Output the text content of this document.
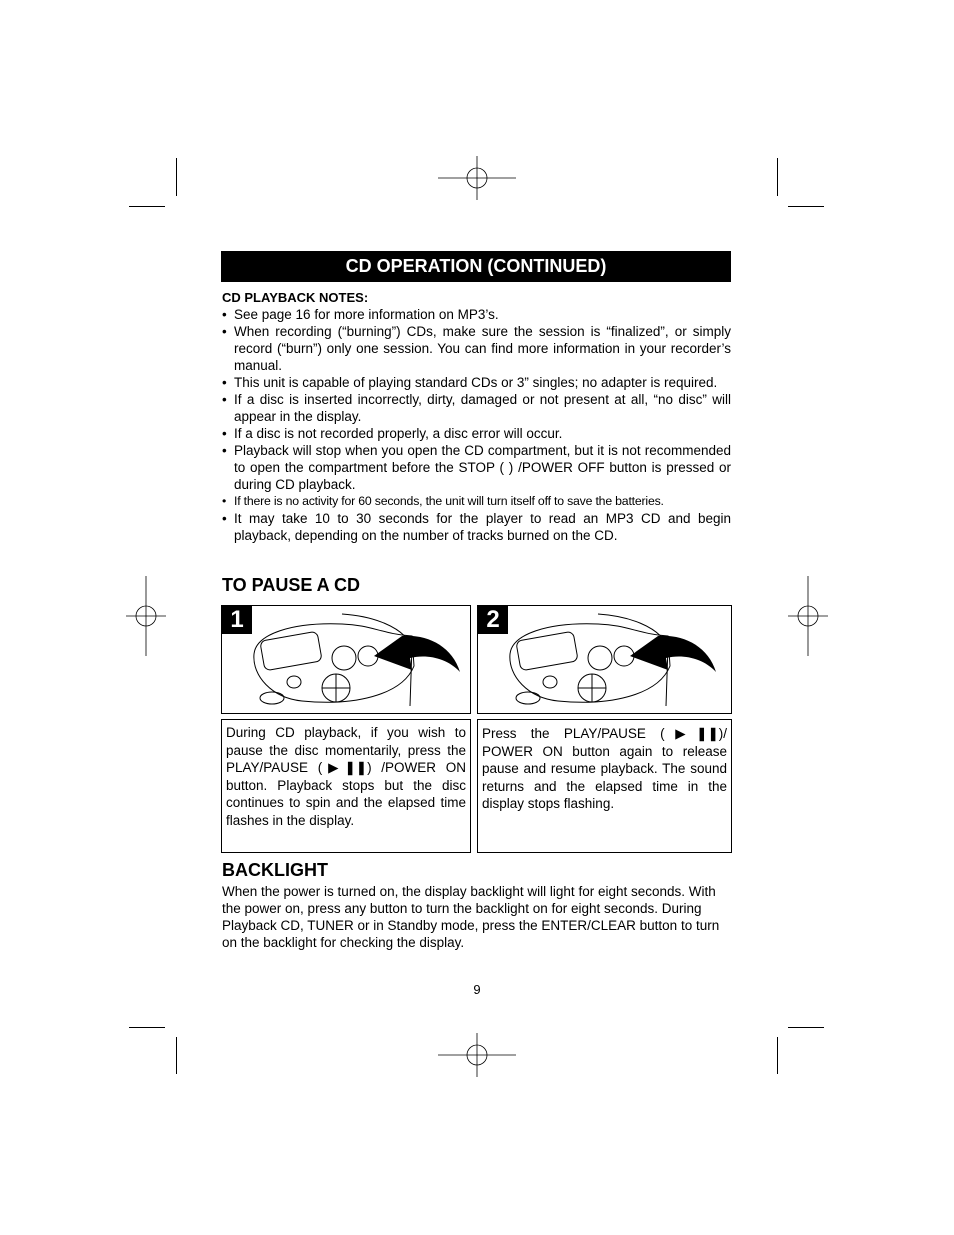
CD OPERATION (CONTINUED)
CD PLAYBACK NOTES:
• See page 16 for more information on MP3’s.
• When recording (“burning”) CDs, make sure the session is “finalized”, or simply record (“burn”) only one session. You can find more information in your recorder’s manual.
• This unit is capable of playing standard CDs or 3” singles; no adapter is required.
• If a disc is inserted incorrectly, dirty, damaged or not present at all, “no disc” will appear in the display.
• If a disc is not recorded properly, a disc error will occur.
• Playback will stop when you open the CD compartment, but it is not recommended to open the compartment before the STOP ( ) /POWER OFF button is pressed or during CD playback.
• If there is no activity for 60 seconds, the unit will turn itself off to save the batteries.
• It may take 10 to 30 seconds for the player to read an MP3 CD and begin playback, depending on the number of tracks burned on the CD.
TO PAUSE A CD
1	2
During CD playback, if you wish to pause the disc momentarily, press the PLAY/PAUSE (▶❚❚) /POWER ON button. Playback stops but the disc continues to spin and the elapsed time flashes in the display.
Press the PLAY/PAUSE (▶❚❚)/ POWER ON button again to release pause and resume playback. The sound returns and the elapsed time in the display stops flashing.
BACKLIGHT

When the power is turned on, the display backlight will light for eight seconds. With the power on, press any button to turn the backlight on for eight seconds. During Playback CD, TUNER or in Standby mode, press the ENTER/CLEAR button to turn on the backlight for checking the display.

9
